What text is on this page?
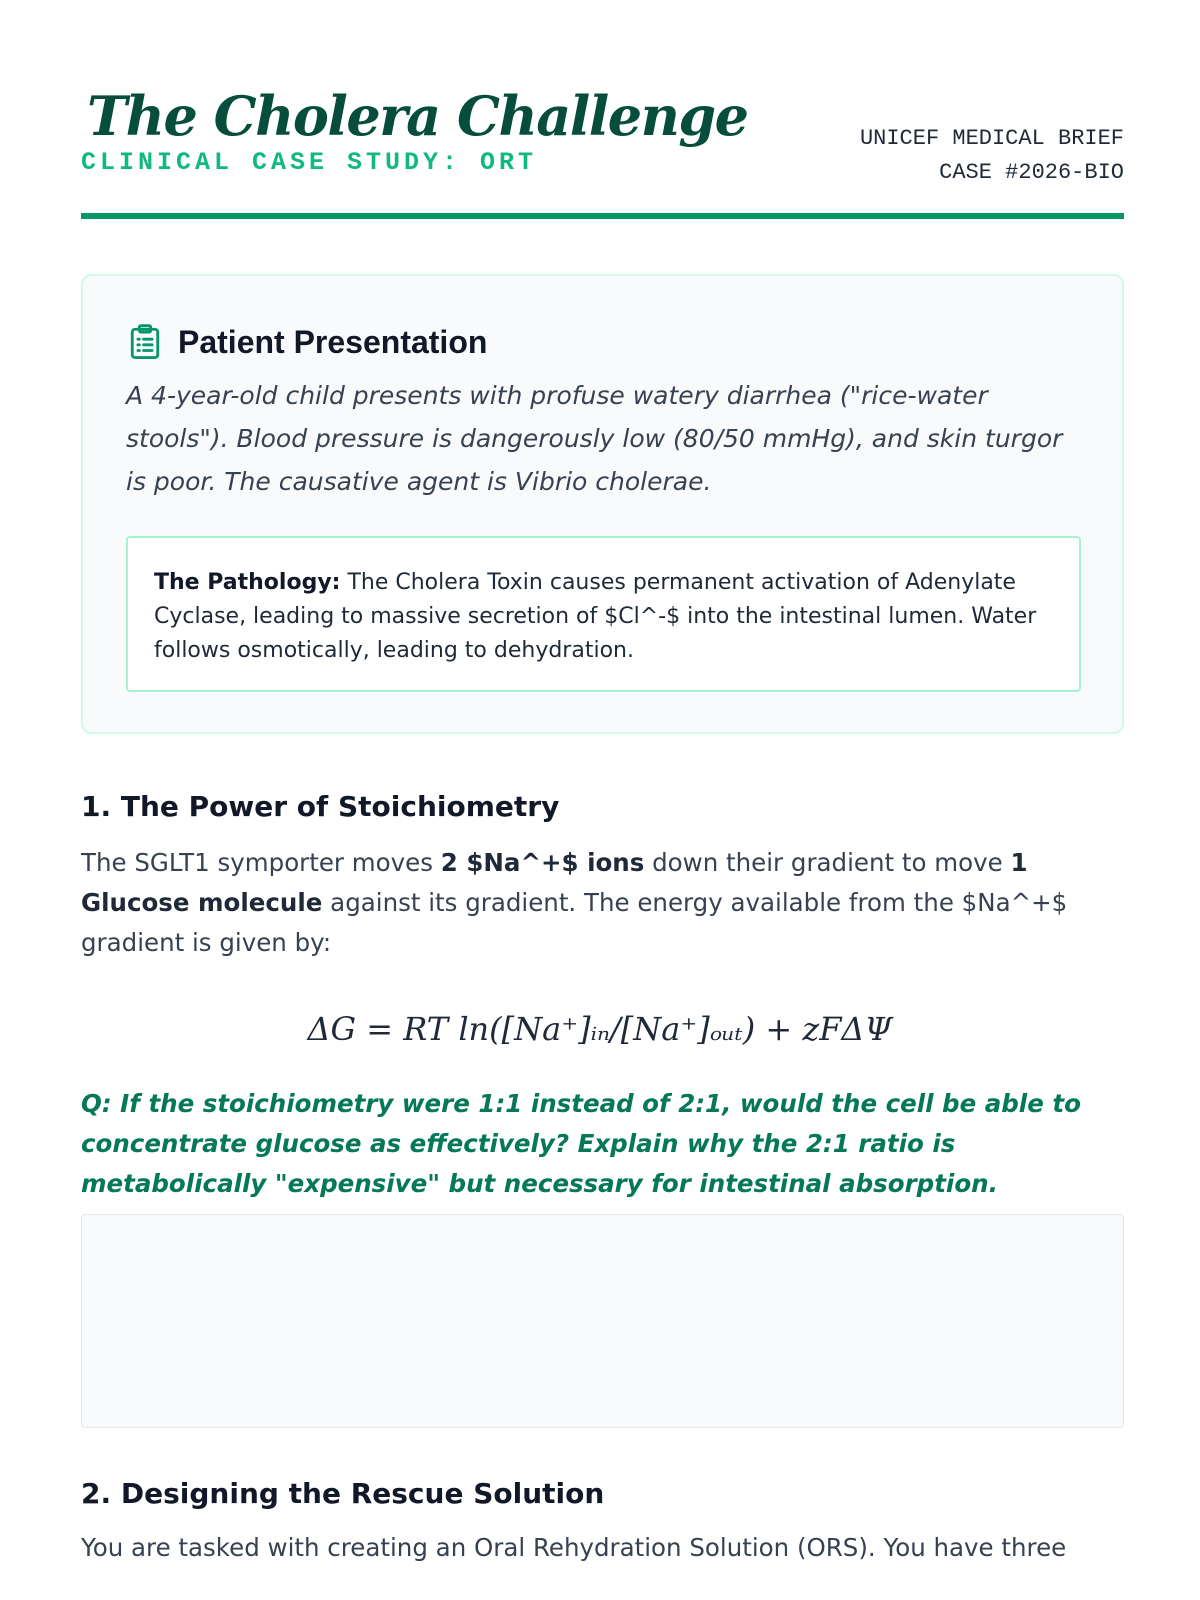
The Cholera Challenge
CLINICAL CASE STUDY: ORT
UNICEF MEDICAL BRIEF
CASE #2026-BIO
Patient Presentation
A 4-year-old child presents with profuse watery diarrhea ("rice-water stools"). Blood pressure is dangerously low (80/50 mmHg), and skin turgor is poor. The causative agent is Vibrio cholerae.
The Pathology: The Cholera Toxin causes permanent activation of Adenylate Cyclase, leading to massive secretion of $Cl^-$ into the intestinal lumen. Water follows osmotically, leading to dehydration.
1. The Power of Stoichiometry
The SGLT1 symporter moves 2 $Na^+$ ions down their gradient to move 1 Glucose molecule against its gradient. The energy available from the $Na^+$ gradient is given by:
ΔG = RT ln([Na⁺]ᵢₙ/[Na⁺]ₒᵤₜ) + zFΔΨ
Q: If the stoichiometry were 1:1 instead of 2:1, would the cell be able to concentrate glucose as effectively? Explain why the 2:1 ratio is metabolically "expensive" but necessary for intestinal absorption.
2. Designing the Rescue Solution
You are tasked with creating an Oral Rehydration Solution (ORS). You have three
